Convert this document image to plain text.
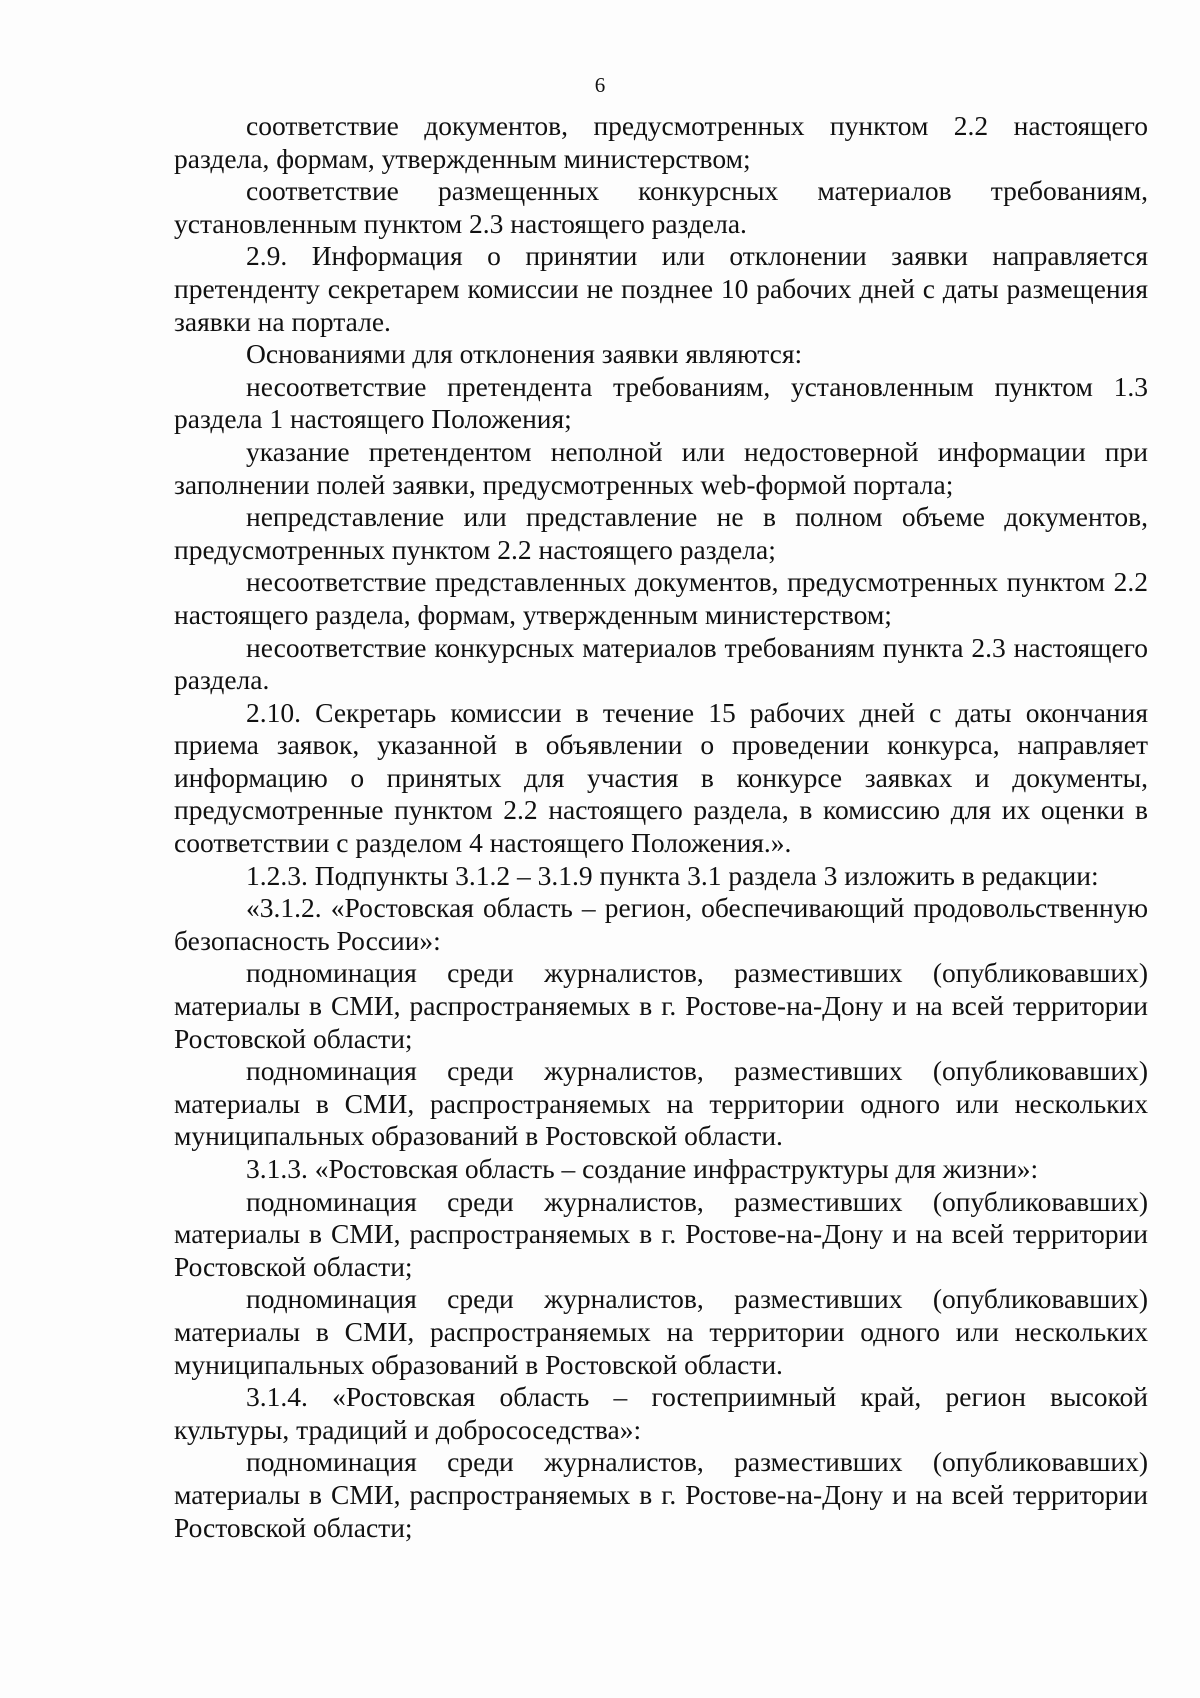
6

соответствие документов, предусмотренных пунктом 2.2 настоящего раздела, формам, утвержденным министерством;

соответствие размещенных конкурсных материалов требованиям, установленным пунктом 2.3 настоящего раздела.

2.9. Информация о принятии или отклонении заявки направляется претенденту секретарем комиссии не позднее 10 рабочих дней с даты размещения заявки на портале.

Основаниями для отклонения заявки являются:

несоответствие претендента требованиям, установленным пунктом 1.3 раздела 1 настоящего Положения;

указание претендентом неполной или недостоверной информации при заполнении полей заявки, предусмотренных web-формой портала;

непредставление или представление не в полном объеме документов, предусмотренных пунктом 2.2 настоящего раздела;

несоответствие представленных документов, предусмотренных пунктом 2.2 настоящего раздела, формам, утвержденным министерством;

несоответствие конкурсных материалов требованиям пункта 2.3 настоящего раздела.

2.10. Секретарь комиссии в течение 15 рабочих дней с даты окончания приема заявок, указанной в объявлении о проведении конкурса, направляет информацию о принятых для участия в конкурсе заявках и документы, предусмотренные пунктом 2.2 настоящего раздела, в комиссию для их оценки в соответствии с разделом 4 настоящего Положения.».

1.2.3. Подпункты 3.1.2 – 3.1.9 пункта 3.1 раздела 3 изложить в редакции:

«3.1.2. «Ростовская область – регион, обеспечивающий продовольственную безопасность России»:

подноминация среди журналистов, разместивших (опубликовавших) материалы в СМИ, распространяемых в г. Ростове-на-Дону и на всей территории Ростовской области;

подноминация среди журналистов, разместивших (опубликовавших) материалы в СМИ, распространяемых на территории одного или нескольких муниципальных образований в Ростовской области.

3.1.3. «Ростовская область – создание инфраструктуры для жизни»:

подноминация среди журналистов, разместивших (опубликовавших) материалы в СМИ, распространяемых в г. Ростове-на-Дону и на всей территории Ростовской области;

подноминация среди журналистов, разместивших (опубликовавших) материалы в СМИ, распространяемых на территории одного или нескольких муниципальных образований в Ростовской области.

3.1.4. «Ростовская область – гостеприимный край, регион высокой культуры, традиций и добрососедства»:

подноминация среди журналистов, разместивших (опубликовавших) материалы в СМИ, распространяемых в г. Ростове-на-Дону и на всей территории Ростовской области;
